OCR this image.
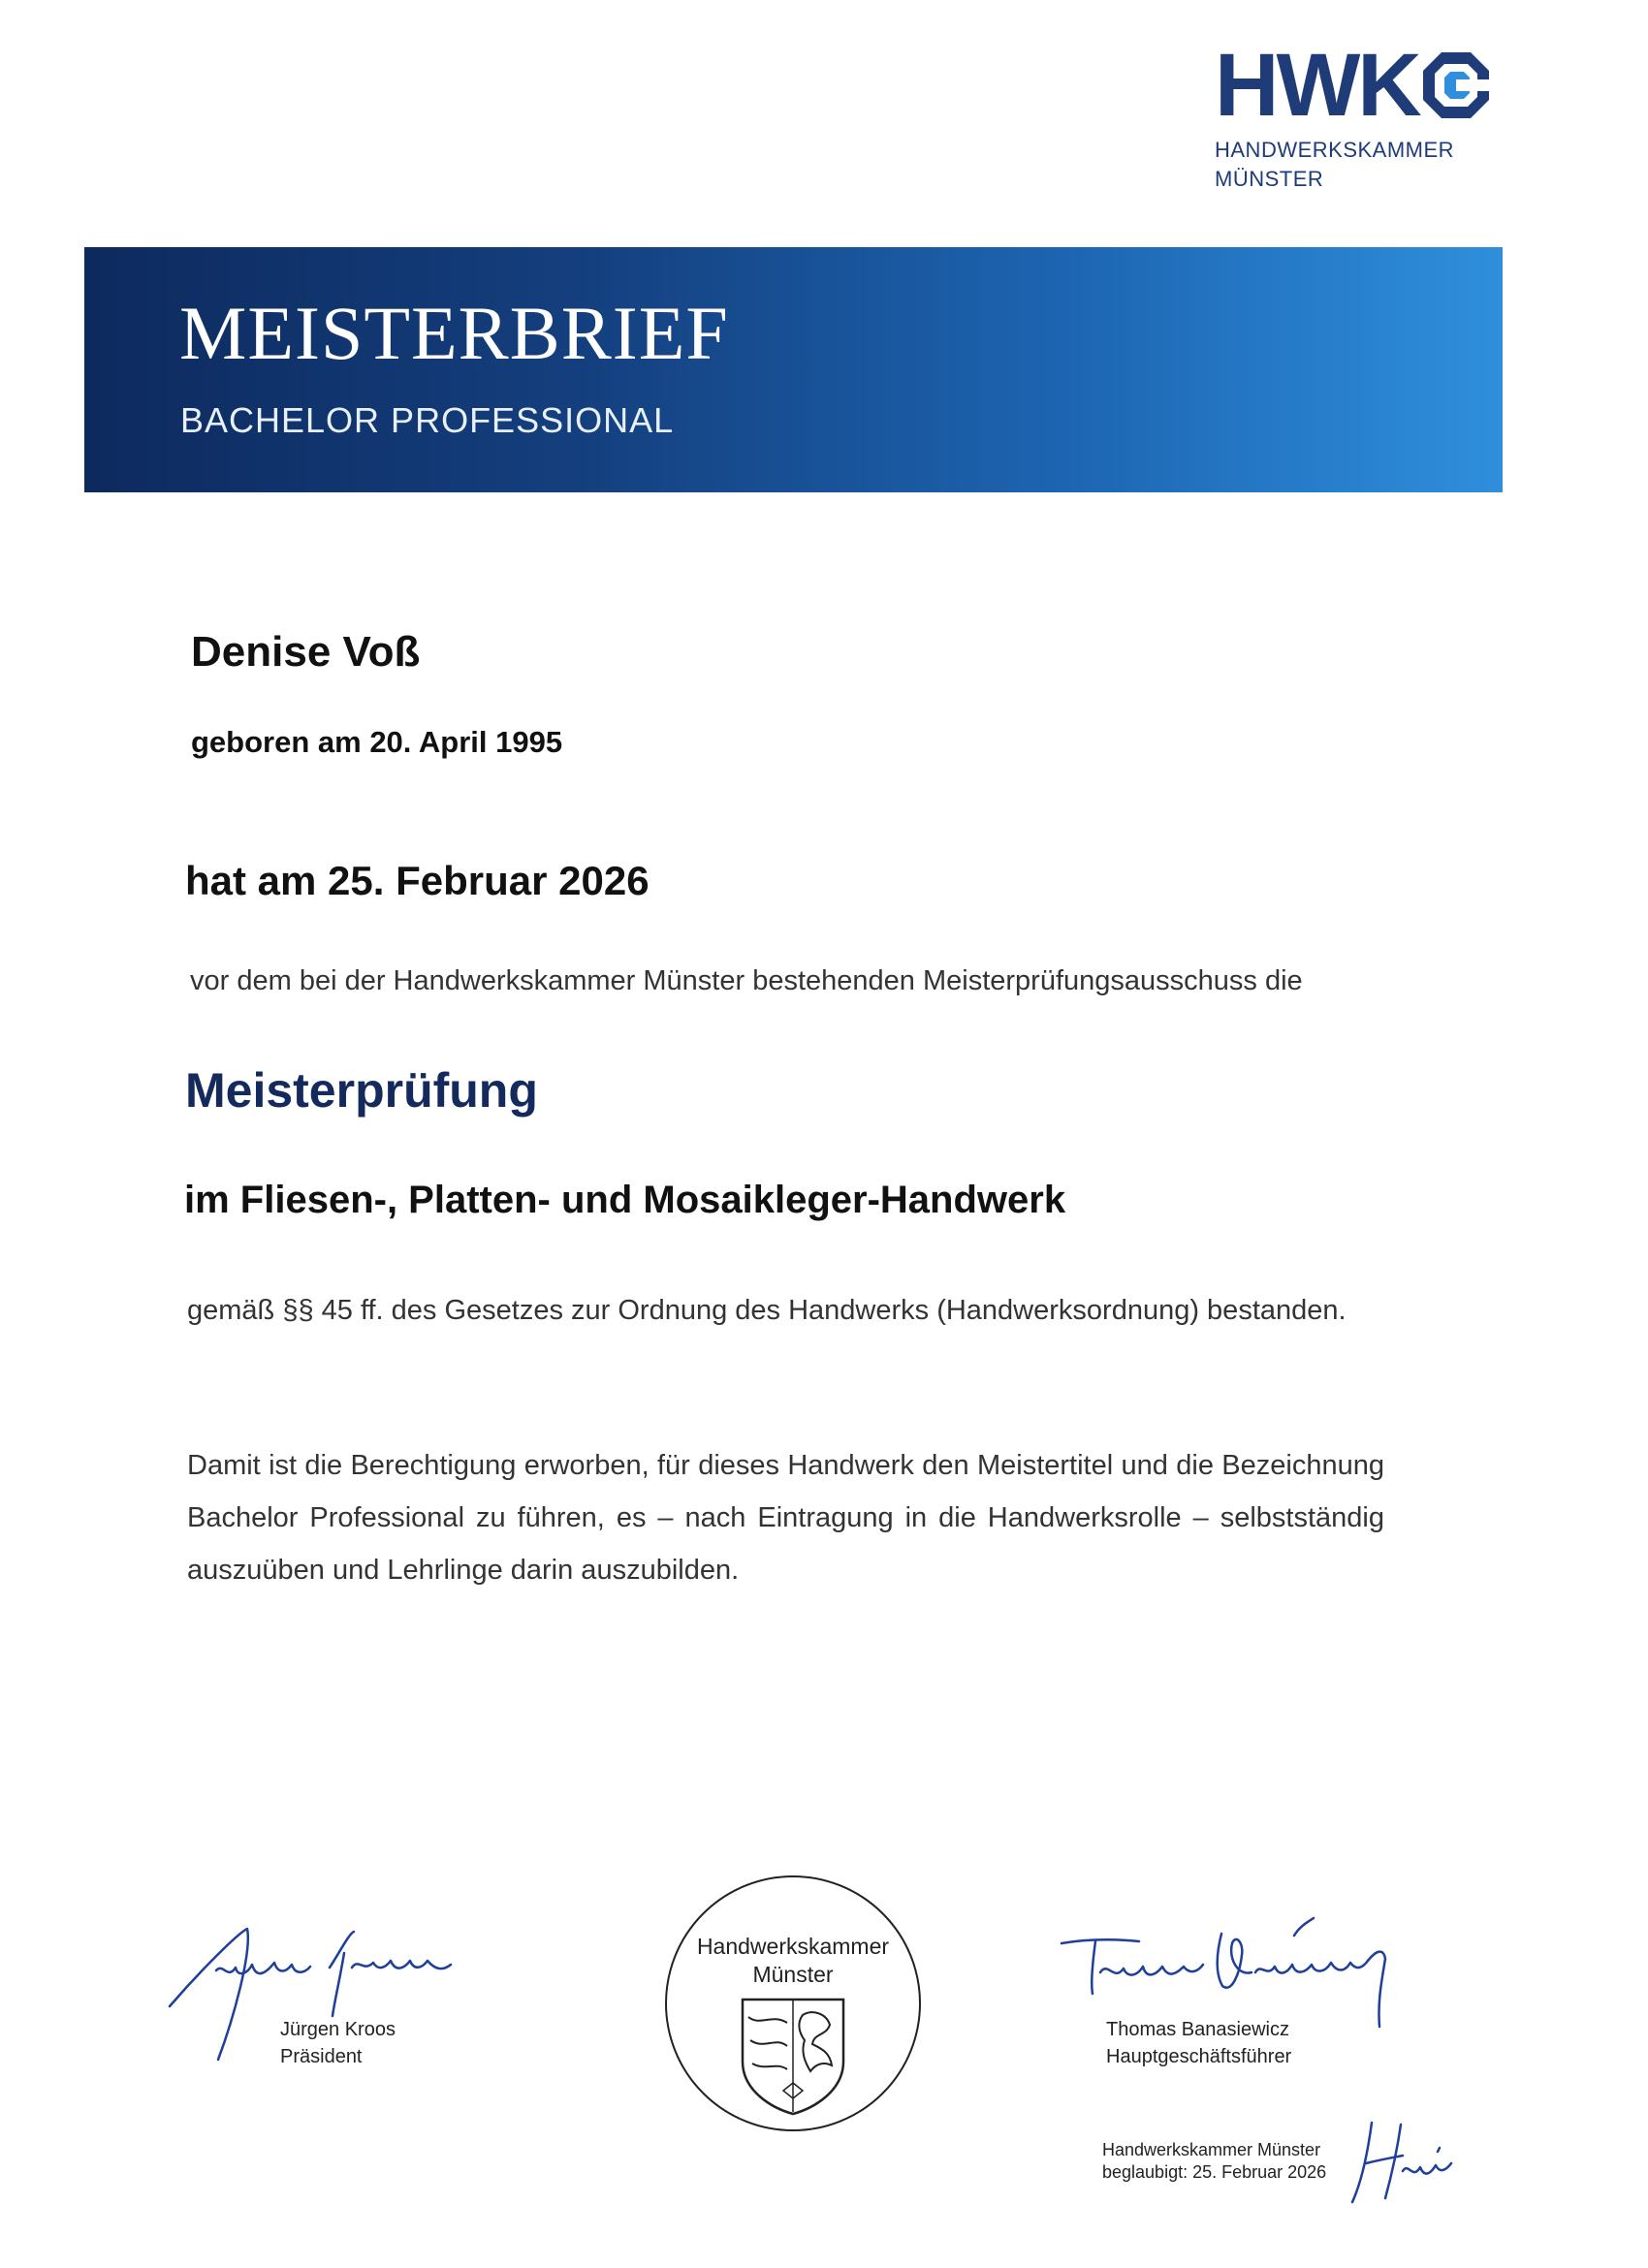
HWK
HANDWERKSKAMMER
MÜNSTER
MEISTERBRIEF
BACHELOR PROFESSIONAL
Denise Voß
geboren am 20. April 1995
hat am 25. Februar 2026
vor dem bei der Handwerkskammer Münster bestehenden Meisterprüfungsausschuss die
Meisterprüfung
im Fliesen-, Platten- und Mosaikleger-Handwerk
gemäß §§ 45 ff. des Gesetzes zur Ordnung des Handwerks (Handwerksordnung) bestanden.
Damit ist die Berechtigung erworben, für dieses Handwerk den Meistertitel und die Bezeichnung Bachelor Professional zu führen, es – nach Eintragung in die Handwerksrolle – selbstständig auszuüben und Lehrlinge darin auszubilden.
Jürgen Kroos
Präsident
Handwerkskammer
Münster
Thomas Banasiewicz
Hauptgeschäftsführer
Handwerkskammer Münster
beglaubigt: 25. Februar 2026
